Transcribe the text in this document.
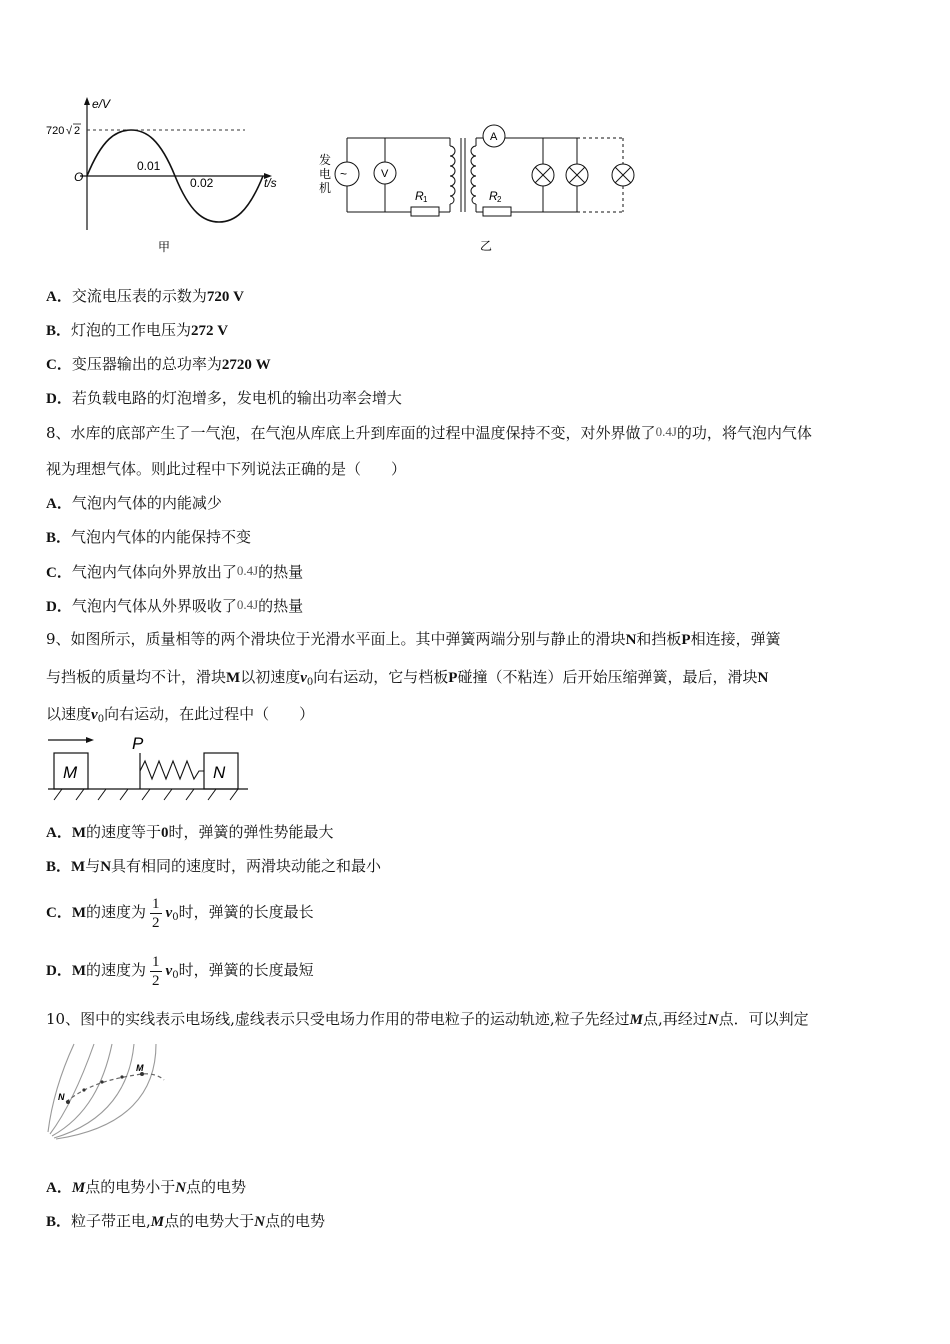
e/V
t/s
720 √ 2
O
0.01
0.02
甲
发
电
机
~	V
R 1
A
R 2
乙
A．交流电压表的示数为720 V
B．灯泡的工作电压为272 V
C．变压器输出的总功率为2720 W
D．若负载电路的灯泡增多，发电机的输出功率会增大
8、水库的底部产生了一气泡，在气泡从库底上升到库面的过程中温度保持不变，对外界做了0.4J的功，将气泡内气体
视为理想气体。则此过程中下列说法正确的是（　　）
A．气泡内气体的内能减少
B．气泡内气体的内能保持不变
C．气泡内气体向外界放出了0.4J的热量
D．气泡内气体从外界吸收了0.4J的热量
9、如图所示，质量相等的两个滑块位于光滑水平面上。其中弹簧两端分别与静止的滑块N和挡板P相连接，弹簧
与挡板的质量均不计，滑块M以初速度$v_0$向右运动，它与档板P碰撞（不粘连）后开始压缩弹簧，最后，滑块N
以速度$v_0$向右运动，在此过程中（　　）
M
P
N
A．M的速度等于0时，弹簧的弹性势能最大
B．M与N具有相同的速度时，两滑块动能之和最小
C．M的速度为 $\frac{1}{2} v_0$时，弹簧的长度最长
D．M的速度为 $\frac{1}{2} v_0$时，弹簧的长度最短
10、图中的实线表示电场线,虚线表示只受电场力作用的带电粒子的运动轨迹,粒子先经过M点,再经过N点．可以判定
M
N
A．M点的电势小于N点的电势
B．粒子带正电,M点的电势大于N点的电势
